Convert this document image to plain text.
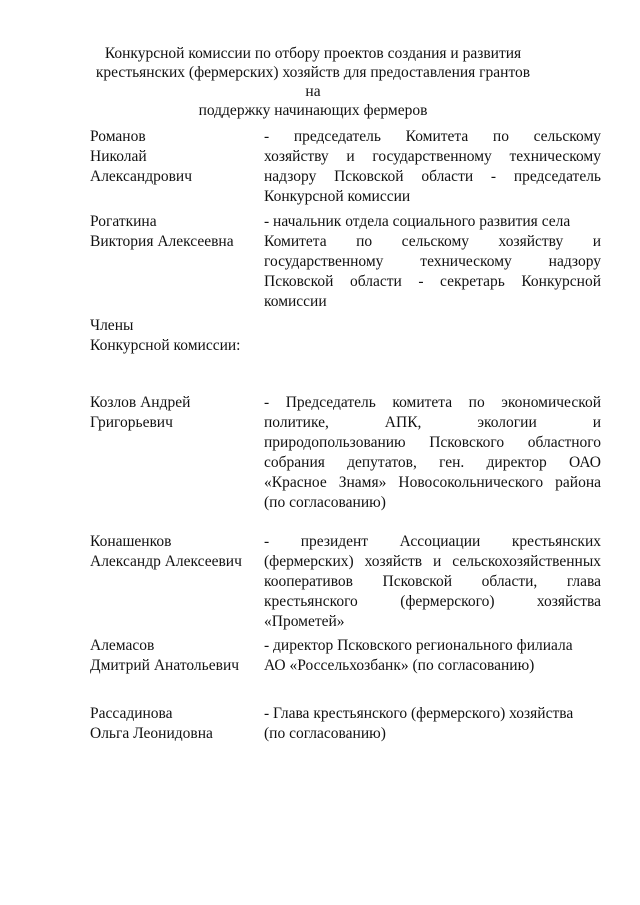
Конкурсной комиссии по отбору проектов создания и развития
крестьянских (фермерских) хозяйств для предоставления грантов на
поддержку начинающих фермеров
Романов
Николай
Александрович
- председатель Комитета по сельскому
хозяйству и государственному техническому
надзору Псковской области - председатель
Конкурсной комиссии
Рогаткина
Виктория Алексеевна
- начальник отдела социального развития села
Комитета по сельскому хозяйству и
государственному техническому надзору
Псковской области - секретарь Конкурсной
комиссии
Члены
Конкурсной комиссии:
Козлов Андрей
Григорьевич
- Председатель комитета по экономической
политике, АПК, экологии и
природопользованию Псковского областного
собрания депутатов, ген. директор ОАО
«Красное Знамя» Новосокольнического района
(по согласованию)
Конашенков
Александр Алексеевич
- президент Ассоциации крестьянских
(фермерских) хозяйств и сельскохозяйственных
кооперативов Псковской области, глава
крестьянского (фермерского) хозяйства
«Прометей»
Алемасов
Дмитрий Анатольевич
- директор Псковского регионального филиала
АО «Россельхозбанк» (по согласованию)
Рассадинова
Ольга Леонидовна
- Глава крестьянского (фермерского) хозяйства
(по согласованию)
